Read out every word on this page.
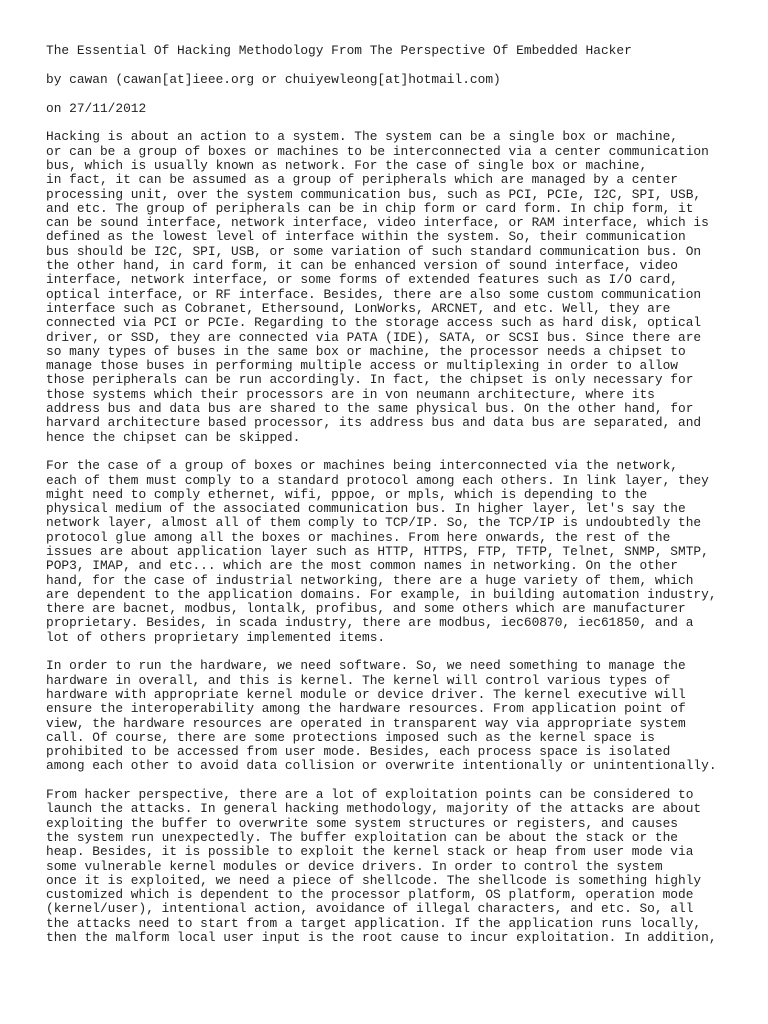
The Essential Of Hacking Methodology From The Perspective Of Embedded Hacker
by cawan (cawan[at]ieee.org or chuiyewleong[at]hotmail.com)
on 27/11/2012
Hacking is about an action to a system. The system can be a single box or machine,
or can be a group of boxes or machines to be interconnected via a center communication
bus, which is usually known as network. For the case of single box or machine,
in fact, it can be assumed as a group of peripherals which are managed by a center
processing unit, over the system communication bus, such as PCI, PCIe, I2C, SPI, USB,
and etc. The group of peripherals can be in chip form or card form. In chip form, it
can be sound interface, network interface, video interface, or RAM interface, which is
defined as the lowest level of interface within the system. So, their communication
bus should be I2C, SPI, USB, or some variation of such standard communication bus. On
the other hand, in card form, it can be enhanced version of sound interface, video
interface, network interface, or some forms of extended features such as I/O card,
optical interface, or RF interface. Besides, there are also some custom communication
interface such as Cobranet, Ethersound, LonWorks, ARCNET, and etc. Well, they are
connected via PCI or PCIe. Regarding to the storage access such as hard disk, optical
driver, or SSD, they are connected via PATA (IDE), SATA, or SCSI bus. Since there are
so many types of buses in the same box or machine, the processor needs a chipset to
manage those buses in performing multiple access or multiplexing in order to allow
those peripherals can be run accordingly. In fact, the chipset is only necessary for
those systems which their processors are in von neumann architecture, where its
address bus and data bus are shared to the same physical bus. On the other hand, for
harvard architecture based processor, its address bus and data bus are separated, and
hence the chipset can be skipped.
For the case of a group of boxes or machines being interconnected via the network,
each of them must comply to a standard protocol among each others. In link layer, they
might need to comply ethernet, wifi, pppoe, or mpls, which is depending to the
physical medium of the associated communication bus. In higher layer, let's say the
network layer, almost all of them comply to TCP/IP. So, the TCP/IP is undoubtedly the
protocol glue among all the boxes or machines. From here onwards, the rest of the
issues are about application layer such as HTTP, HTTPS, FTP, TFTP, Telnet, SNMP, SMTP,
POP3, IMAP, and etc... which are the most common names in networking. On the other
hand, for the case of industrial networking, there are a huge variety of them, which
are dependent to the application domains. For example, in building automation industry,
there are bacnet, modbus, lontalk, profibus, and some others which are manufacturer
proprietary. Besides, in scada industry, there are modbus, iec60870, iec61850, and a
lot of others proprietary implemented items.
In order to run the hardware, we need software. So, we need something to manage the
hardware in overall, and this is kernel. The kernel will control various types of
hardware with appropriate kernel module or device driver. The kernel executive will
ensure the interoperability among the hardware resources. From application point of
view, the hardware resources are operated in transparent way via appropriate system
call. Of course, there are some protections imposed such as the kernel space is
prohibited to be accessed from user mode. Besides, each process space is isolated
among each other to avoid data collision or overwrite intentionally or unintentionally.
From hacker perspective, there are a lot of exploitation points can be considered to
launch the attacks. In general hacking methodology, majority of the attacks are about
exploiting the buffer to overwrite some system structures or registers, and causes
the system run unexpectedly. The buffer exploitation can be about the stack or the
heap. Besides, it is possible to exploit the kernel stack or heap from user mode via
some vulnerable kernel modules or device drivers. In order to control the system
once it is exploited, we need a piece of shellcode. The shellcode is something highly
customized which is dependent to the processor platform, OS platform, operation mode
(kernel/user), intentional action, avoidance of illegal characters, and etc. So, all
the attacks need to start from a target application. If the application runs locally,
then the malform local user input is the root cause to incur exploitation. In addition,
